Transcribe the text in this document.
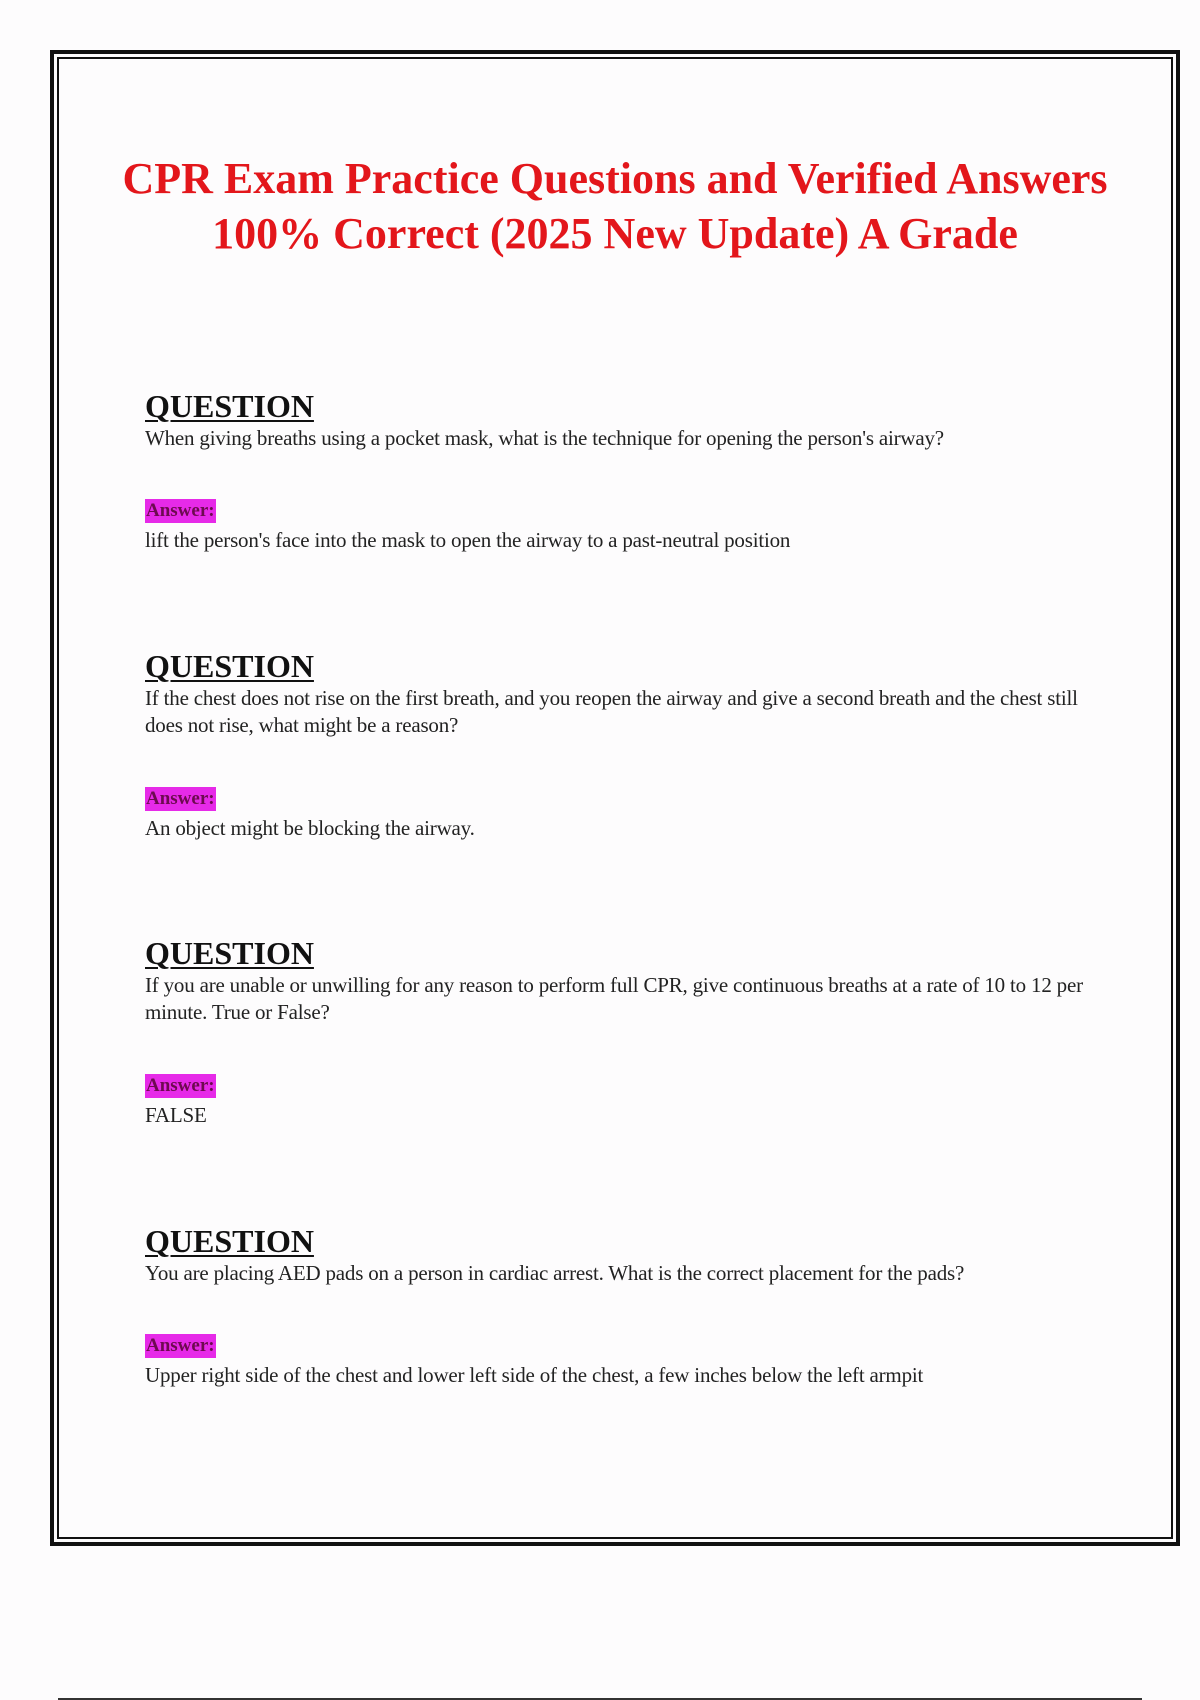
CPR Exam Practice Questions and Verified Answers 100% Correct (2025 New Update) A Grade
QUESTION

When giving breaths using a pocket mask, what is the technique for opening the person's airway?

Answer:

lift the person's face into the mask to open the airway to a past-neutral position

QUESTION

If the chest does not rise on the first breath, and you reopen the airway and give a second breath and the chest still does not rise, what might be a reason?

Answer:

An object might be blocking the airway.

QUESTION

If you are unable or unwilling for any reason to perform full CPR, give continuous breaths at a rate of 10 to 12 per minute. True or False?

Answer:

FALSE

QUESTION

You are placing AED pads on a person in cardiac arrest. What is the correct placement for the pads?

Answer:

Upper right side of the chest and lower left side of the chest, a few inches below the left armpit
